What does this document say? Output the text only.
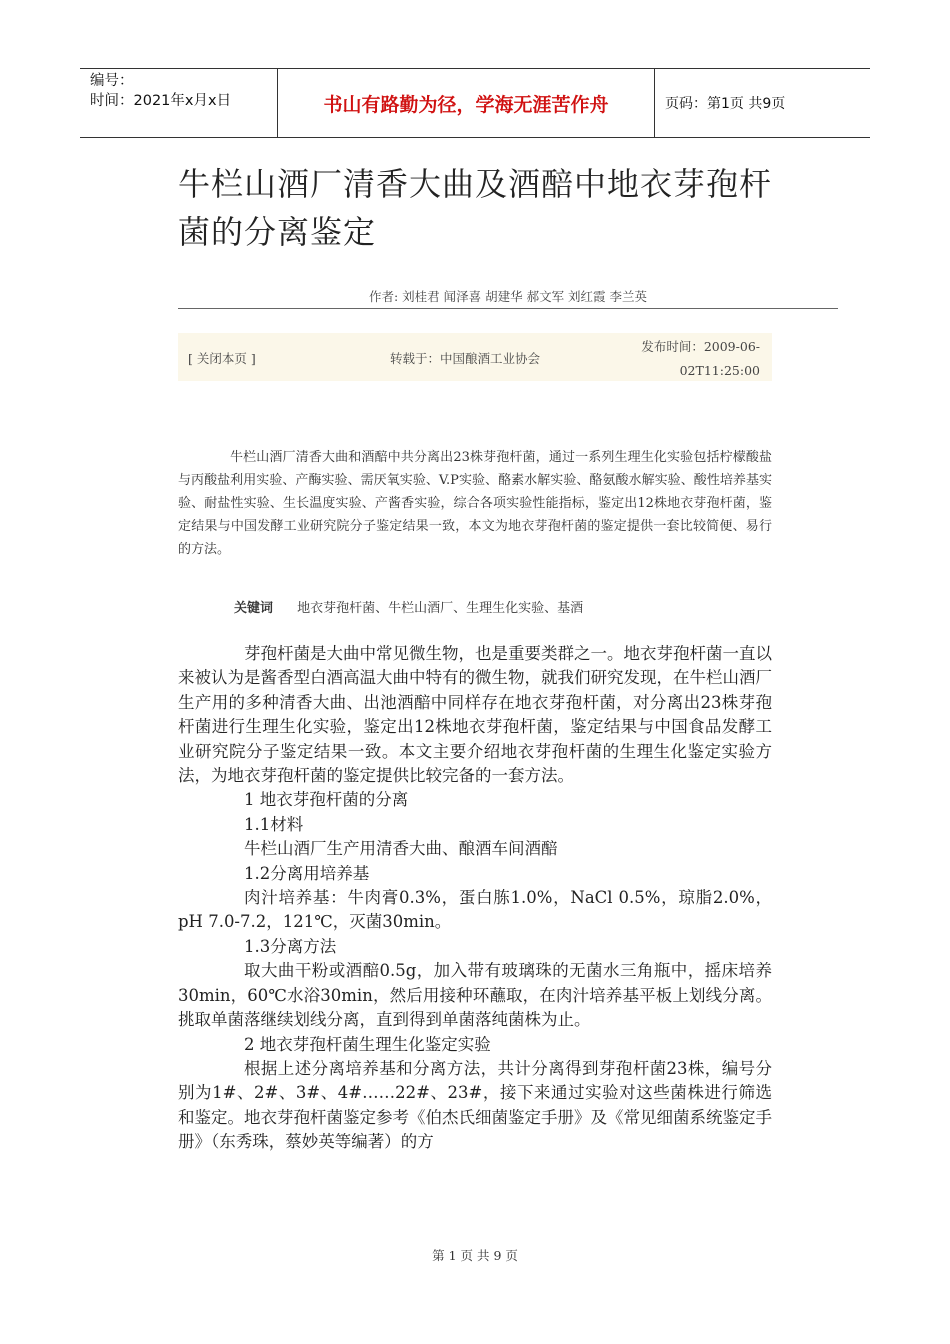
编号：
时间：2021年x月x日	书山有路勤为径，学海无涯苦作舟	页码：第1页 共9页
牛栏山酒厂清香大曲及酒醅中地衣芽孢杆菌的分离鉴定
作者: 刘桂君 闻泽喜 胡建华 郝文军 刘红霞 李兰英
[ 关闭本页 ]	转载于：中国酿酒工业协会
发布时间：2009-06-
02T11:25:00

牛栏山酒厂清香大曲和酒醅中共分离出23株芽孢杆菌，通过一系列生理生化实验包括柠檬酸盐与丙酸盐利用实验、产酶实验、需厌氧实验、V.P实验、酪素水解实验、酪氨酸水解实验、酸性培养基实验、耐盐性实验、生长温度实验、产酱香实验，综合各项实验性能指标，鉴定出12株地衣芽孢杆菌，鉴定结果与中国发酵工业研究院分子鉴定结果一致，本文为地衣芽孢杆菌的鉴定提供一套比较简便、易行的方法。

关键词 地衣芽孢杆菌、牛栏山酒厂、生理生化实验、基酒

芽孢杆菌是大曲中常见微生物，也是重要类群之一。地衣芽孢杆菌一直以来被认为是酱香型白酒高温大曲中特有的微生物，就我们研究发现，在牛栏山酒厂生产用的多种清香大曲、出池酒醅中同样存在地衣芽孢杆菌，对分离出23株芽孢杆菌进行生理生化实验，鉴定出12株地衣芽孢杆菌，鉴定结果与中国食品发酵工业研究院分子鉴定结果一致。本文主要介绍地衣芽孢杆菌的生理生化鉴定实验方法，为地衣芽孢杆菌的鉴定提供比较完备的一套方法。

1 地衣芽孢杆菌的分离

1.1材料

牛栏山酒厂生产用清香大曲、酿酒车间酒醅

1.2分离用培养基

肉汁培养基：牛肉膏0.3%，蛋白胨1.0%，NaCl 0.5%，琼脂2.0%，pH 7.0-7.2，121℃，灭菌30min。

1.3分离方法

取大曲干粉或酒醅0.5g，加入带有玻璃珠的无菌水三角瓶中，摇床培养30min，60℃水浴30min，然后用接种环蘸取，在肉汁培养基平板上划线分离。挑取单菌落继续划线分离，直到得到单菌落纯菌株为止。

2 地衣芽孢杆菌生理生化鉴定实验

根据上述分离培养基和分离方法，共计分离得到芽孢杆菌23株，编号分别为1#、2#、3#、4#……22#、23#，接下来通过实验对这些菌株进行筛选和鉴定。地衣芽孢杆菌鉴定参考《伯杰氏细菌鉴定手册》及《常见细菌系统鉴定手册》（东秀珠，蔡妙英等编著）的方

第 1 页 共 9 页
